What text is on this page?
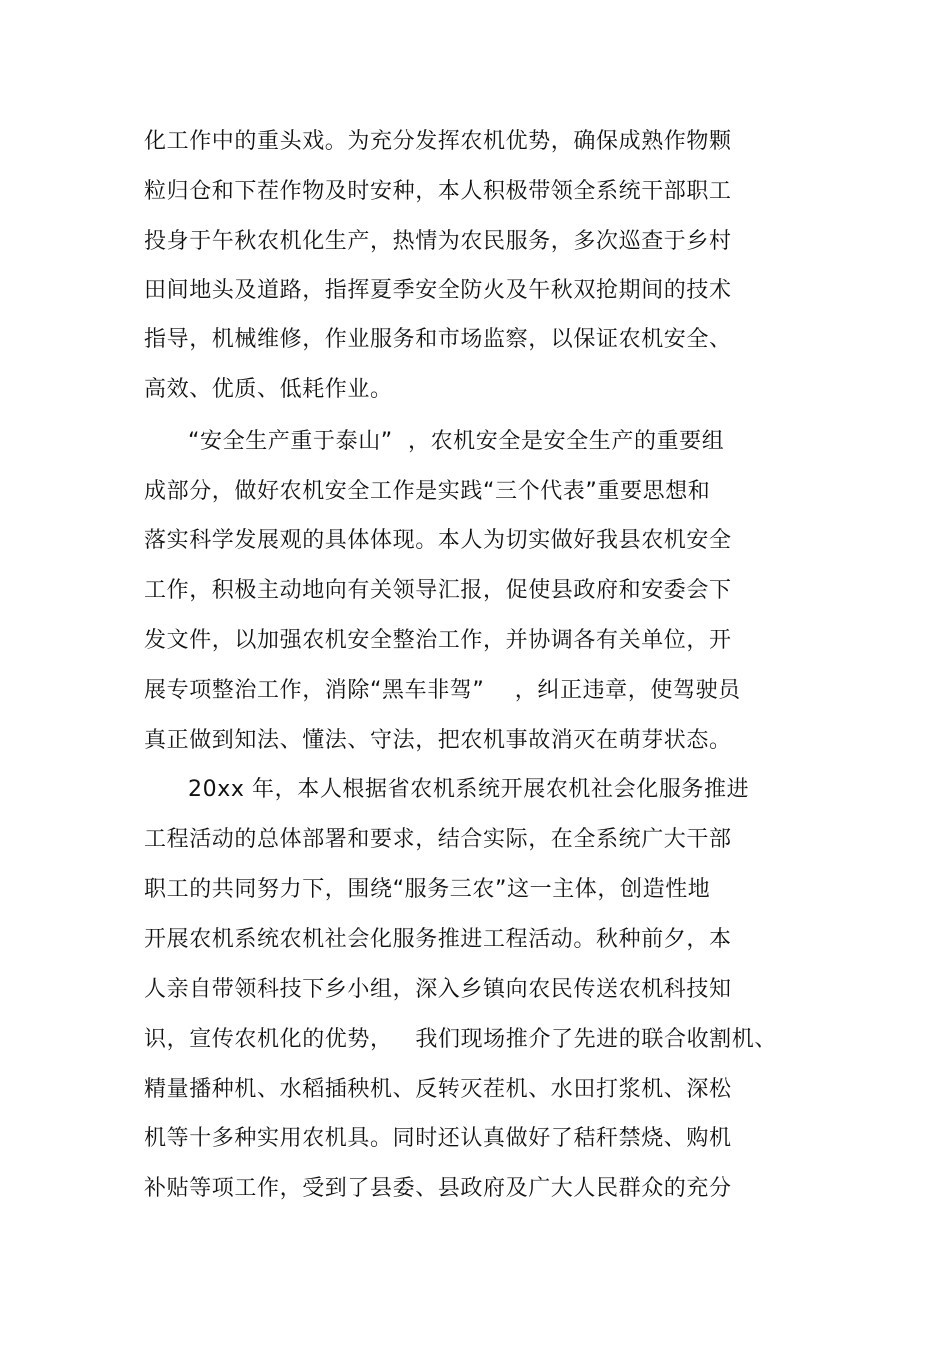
化工作中的重头戏。为充分发挥农机优势，确保成熟作物颗
粒归仓和下茬作物及时安种，本人积极带领全系统干部职工
投身于午秋农机化生产，热情为农民服务，多次巡查于乡村
田间地头及道路，指挥夏季安全防火及午秋双抢期间的技术
指导，机械维修，作业服务和市场监察，以保证农机安全、
高效、优质、低耗作业。
“安全生产重于泰山”  ，农机安全是安全生产的重要组
成部分，做好农机安全工作是实践“三个代表”重要思想和
落实科学发展观的具体体现。本人为切实做好我县农机安全
工作，积极主动地向有关领导汇报，促使县政府和安委会下
发文件，以加强农机安全整治工作，并协调各有关单位，开
展专项整治工作，消除“黑车非驾”    ，纠正违章，使驾驶员
真正做到知法、懂法、守法，把农机事故消灭在萌芽状态。
20xx 年，本人根据省农机系统开展农机社会化服务推进
工程活动的总体部署和要求，结合实际，在全系统广大干部
职工的共同努力下，围绕“服务三农”这一主体，创造性地
开展农机系统农机社会化服务推进工程活动。秋种前夕，本
人亲自带领科技下乡小组，深入乡镇向农民传送农机科技知
识，宣传农机化的优势，   我们现场推介了先进的联合收割机、
精量播种机、水稻插秧机、反转灭茬机、水田打浆机、深松
机等十多种实用农机具。同时还认真做好了秸秆禁烧、购机
补贴等项工作，受到了县委、县政府及广大人民群众的充分
